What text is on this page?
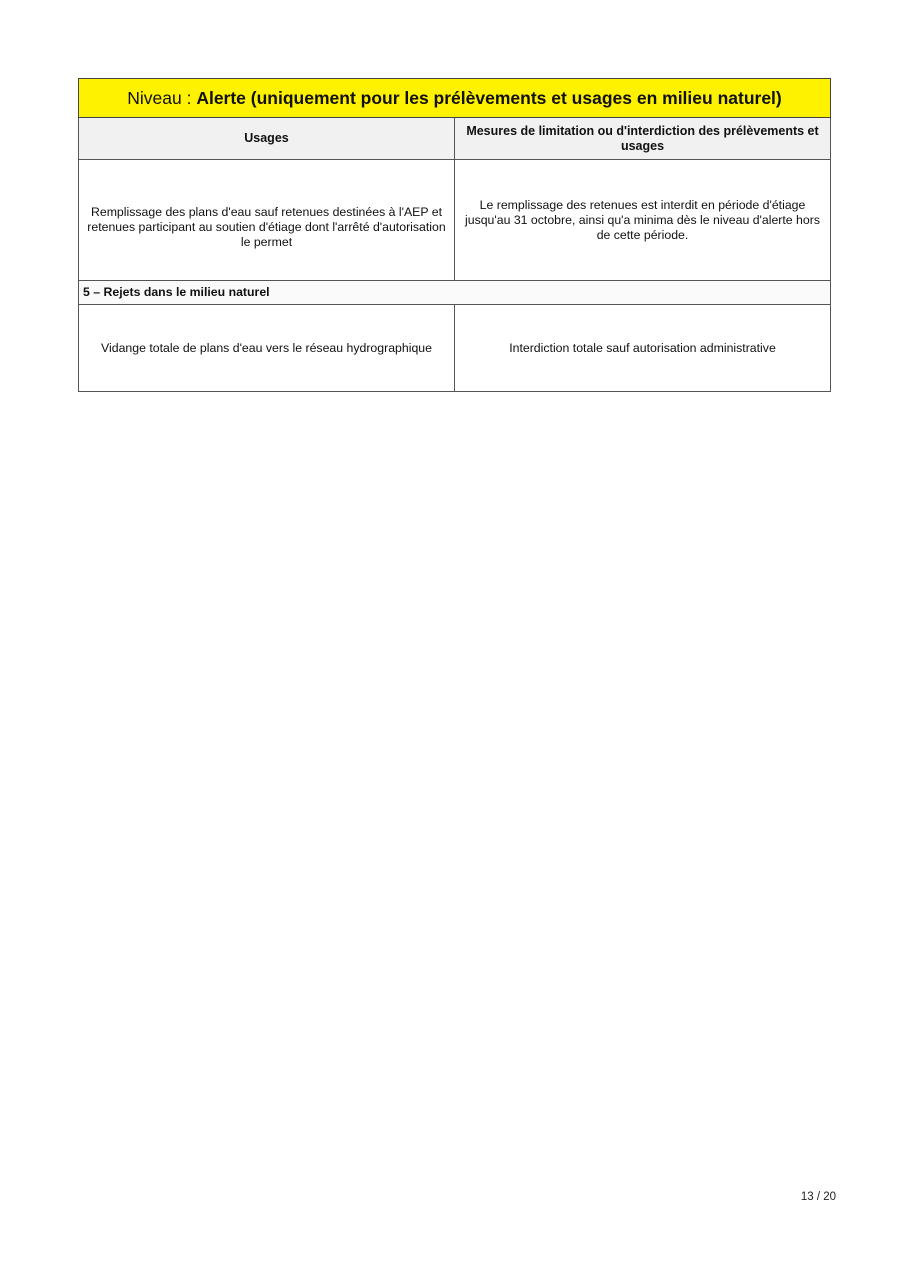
Niveau : Alerte (uniquement pour les prélèvements et usages en milieu naturel)	
Usages	Mesures de limitation ou d'interdiction des prélèvements et usages
Remplissage des plans d'eau sauf retenues destinées à l'AEP et retenues participant au soutien d'étiage dont l'arrêté d'autorisation le permet	Le remplissage des retenues est interdit en période d'étiage jusqu'au 31 octobre, ainsi qu'a minima dès le niveau d'alerte hors de cette période.
5 – Rejets dans le milieu naturel	
Vidange totale de plans d'eau vers le réseau hydrographique	Interdiction totale sauf autorisation administrative
13 / 20
